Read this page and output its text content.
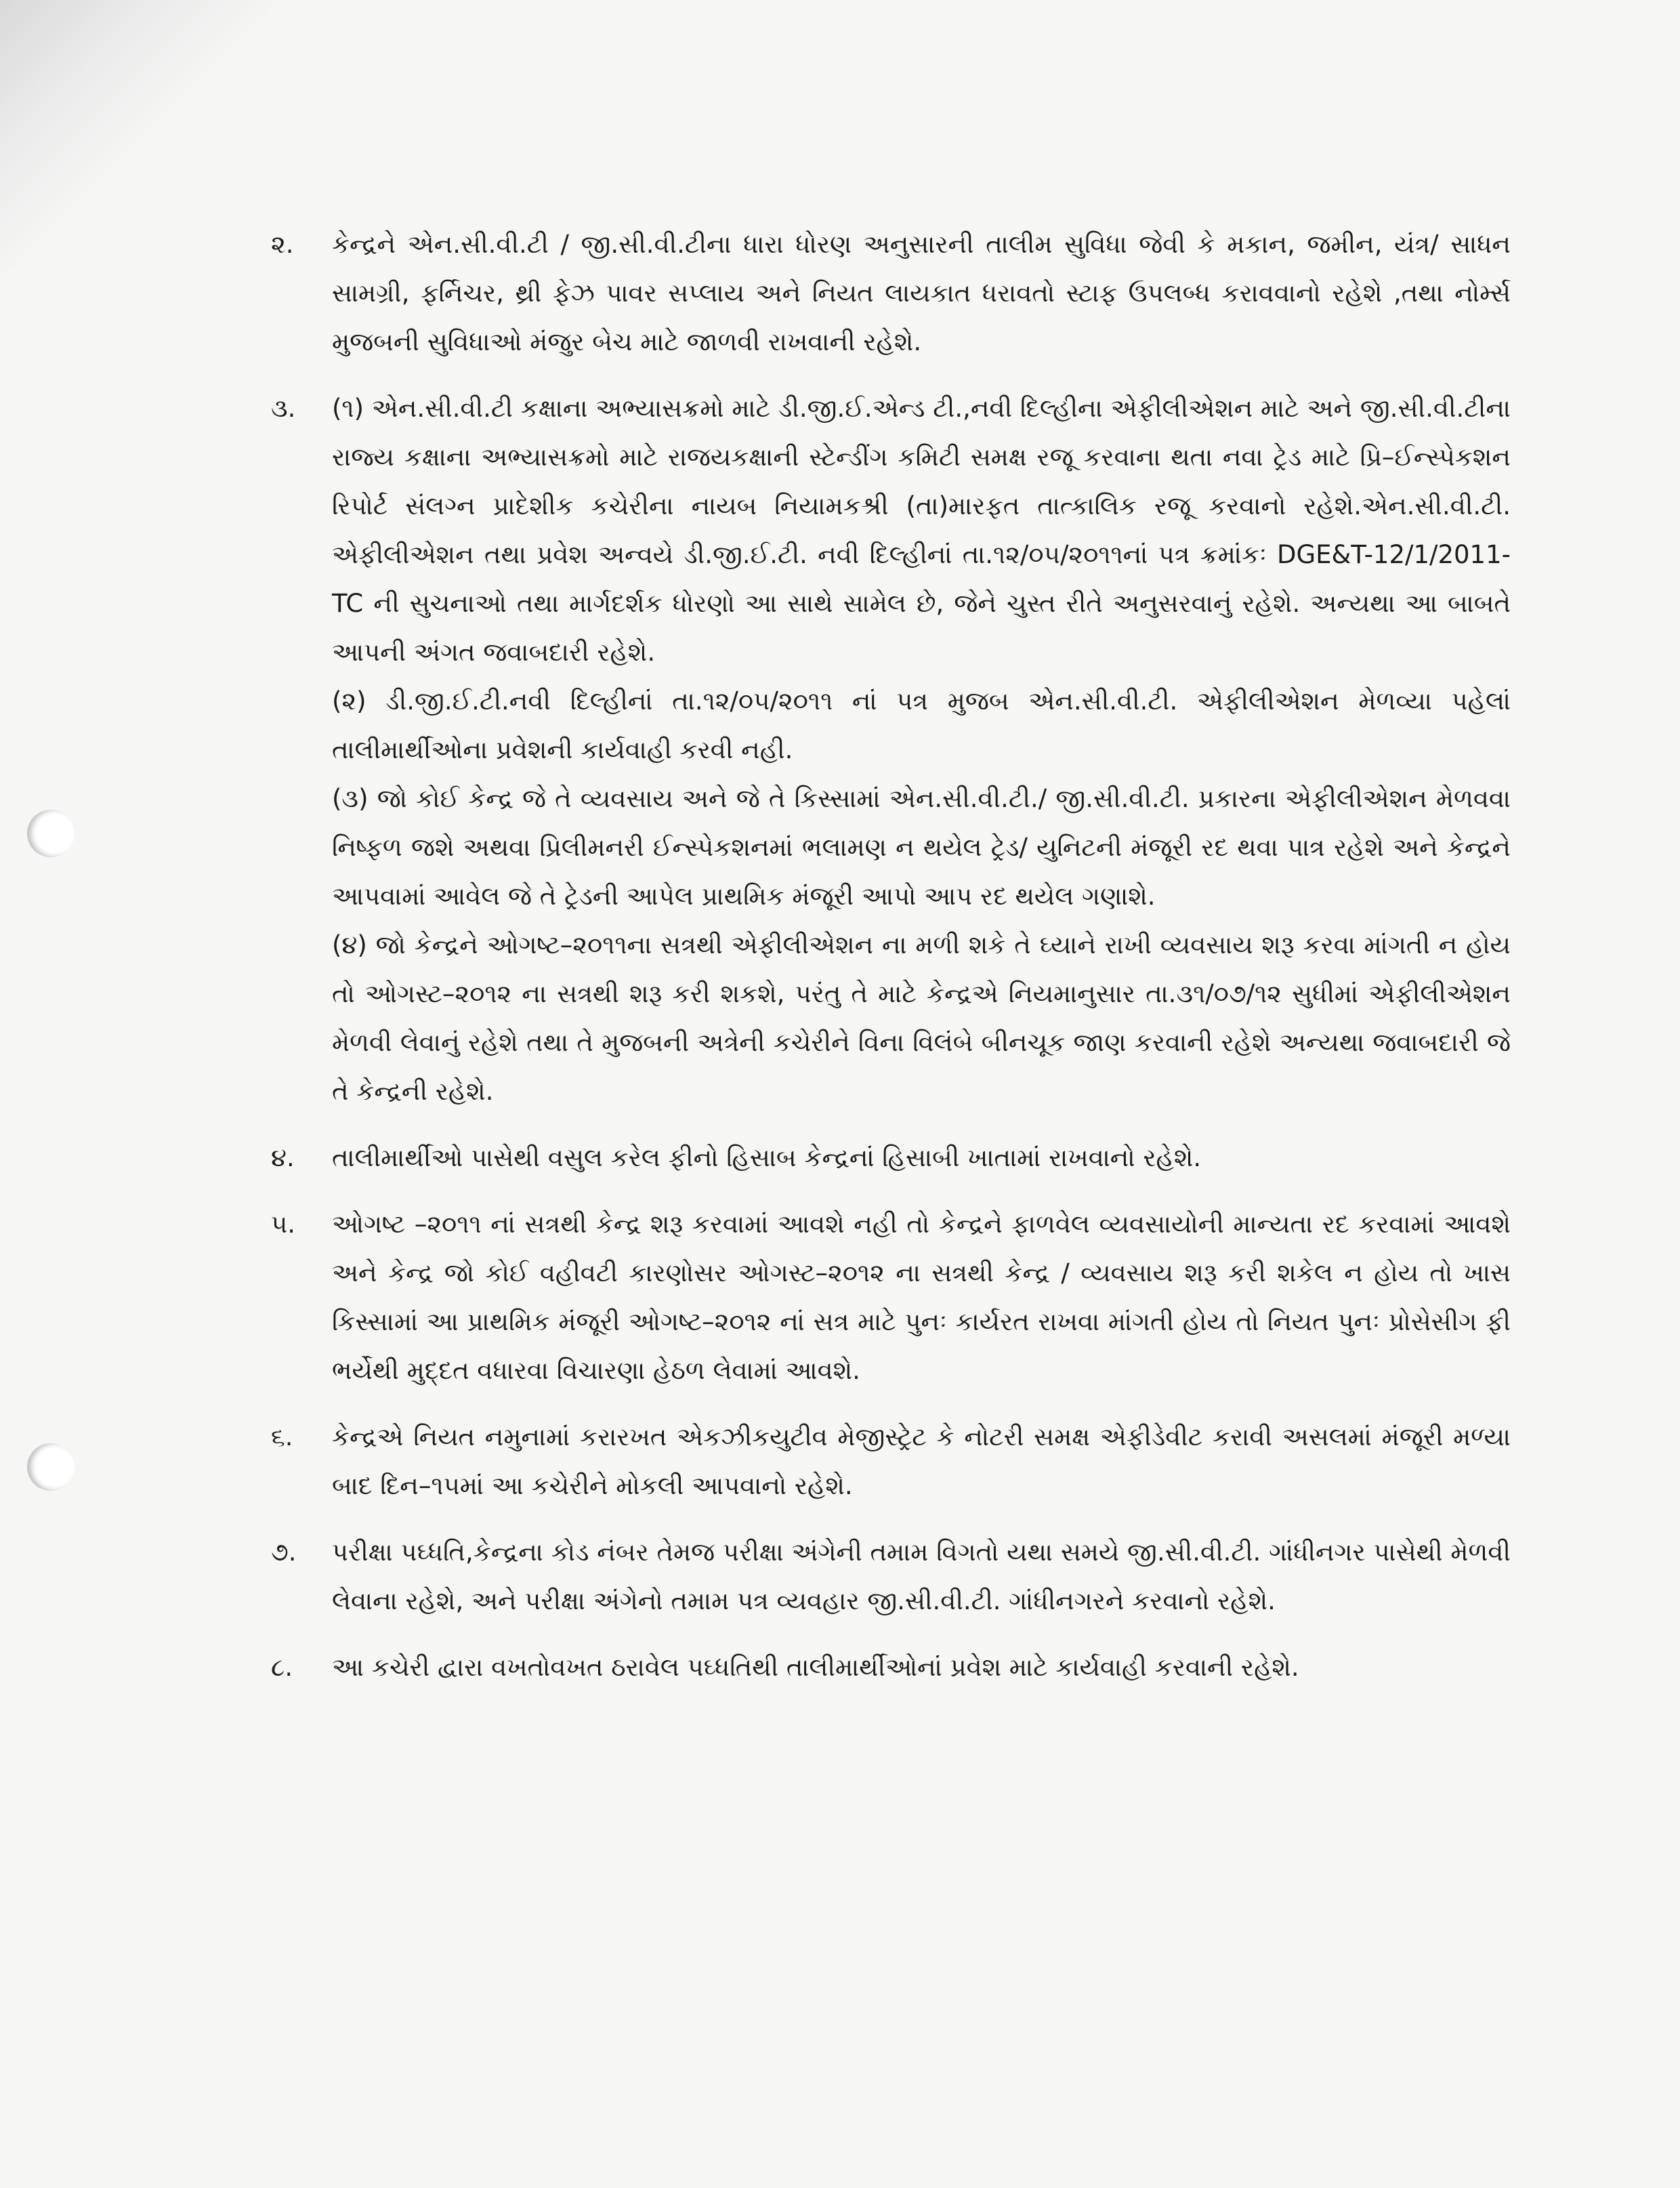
૨. કેન્દ્રને એન.સી.વી.ટી / જી.સી.વી.ટીના ધારા ધોરણ અનુસારની તાલીમ સુવિધા જેવી કે મકાન, જમીન, યંત્ર/ સાધન સામગ્રી, ફર્નિચર, થ્રી ફેઝ પાવર સપ્લાય અને નિયત લાયકાત ધરાવતો સ્ટાફ ઉપલબ્ધ કરાવવાનો રહેશે ,તથા નોર્મ્સ મુજબની સુવિધાઓ મંજુર બેચ માટે જાળવી રાખવાની રહેશે.

૩. (૧) એન.સી.વી.ટી કક્ષાના અભ્યાસક્રમો માટે ડી.જી.ઈ.એન્ડ ટી.,નવી દિલ્હીના એફીલીએશન માટે અને જી.સી.વી.ટીના રાજ્ય કક્ષાના અભ્યાસક્રમો માટે રાજયકક્ષાની સ્ટેન્ડીંગ કમિટી સમક્ષ રજૂ કરવાના થતા નવા ટ્રેડ માટે પ્રિ–ઈન્સ્પેકશન રિપોર્ટ સંલગ્ન પ્રાદેશીક કચેરીના નાયબ નિયામકશ્રી (તા)મારફત તાત્કાલિક રજૂ કરવાનો રહેશે.એન.સી.વી.ટી. એફીલીએશન તથા પ્રવેશ અન્વયે ડી.જી.ઈ.ટી. નવી દિલ્હીનાં તા.૧૨/૦૫/૨૦૧૧નાં પત્ર ક્રમાંકઃ DGE&T-12/1/2011-TC ની સુચનાઓ તથા માર્ગદર્શક ધોરણો આ સાથે સામેલ છે, જેને ચુસ્ત રીતે અનુસરવાનું રહેશે. અન્યથા આ બાબતે આપની અંગત જવાબદારી રહેશે.

(૨) ડી.જી.ઈ.ટી.નવી દિલ્હીનાં તા.૧૨/૦૫/૨૦૧૧ નાં પત્ર મુજબ એન.સી.વી.ટી. એફીલીએશન મેળવ્યા પહેલાં તાલીમાર્થીઓના પ્રવેશની કાર્યવાહી કરવી નહી.

(૩) જો કોઈ કેન્દ્ર જે તે વ્યવસાય અને જે તે કિસ્સામાં એન.સી.વી.ટી./ જી.સી.વી.ટી. પ્રકારના એફીલીએશન મેળવવા નિષ્ફળ જશે અથવા પ્રિલીમનરી ઈન્સ્પેકશનમાં ભલામણ ન થયેલ ટ્રેડ/ યુનિટની મંજૂરી રદ થવા પાત્ર રહેશે અને કેન્દ્રને આપવામાં આવેલ જે તે ટ્રેડની આપેલ પ્રાથમિક મંજૂરી આપો આપ રદ થયેલ ગણાશે.

(૪) જો કેન્દ્રને ઓગષ્ટ–૨૦૧૧ના સત્રથી એફીલીએશન ના મળી શકે તે ઘ્યાને રાખી વ્યવસાય શરૂ કરવા માંગતી ન હોય તો ઓગસ્ટ–૨૦૧૨ ના સત્રથી શરૂ કરી શકશે, પરંતુ તે માટે કેન્દ્રએ નિયમાનુસાર તા.૩૧/૦૭/૧૨ સુધીમાં એફીલીએશન મેળવી લેવાનું રહેશે તથા તે મુજબની અત્રેની કચેરીને વિના વિલંબે બીનચૂક જાણ કરવાની રહેશે અન્યથા જવાબદારી જે તે કેન્દ્રની રહેશે.

૪. તાલીમાર્થીઓ પાસેથી વસુલ કરેલ ફીનો હિસાબ કેન્દ્રનાં હિસાબી ખાતામાં રાખવાનો રહેશે.

૫. ઓગષ્ટ –૨૦૧૧ નાં સત્રથી કેન્દ્ર શરૂ કરવામાં આવશે નહી તો કેન્દ્રને ફાળવેલ વ્યવસાયોની માન્યતા રદ કરવામાં આવશે અને કેન્દ્ર જો કોઈ વહીવટી કારણોસર ઓગસ્ટ–૨૦૧૨ ના સત્રથી કેન્દ્ર / વ્યવસાય શરૂ કરી શકેલ ન હોય તો ખાસ કિસ્સામાં આ પ્રાથમિક મંજૂરી ઓગષ્ટ–૨૦૧૨ નાં સત્ર માટે પુનઃ કાર્યરત રાખવા માંગતી હોય તો નિયત પુનઃ પ્રોસેસીગ ફી ભર્યેથી મુદ્દત વધારવા વિચારણા હેઠળ લેવામાં આવશે.

૬. કેન્દ્રએ નિયત નમુનામાં કરારખત એકઝીકયુટીવ મેજીસ્ટ્રેટ કે નોટરી સમક્ષ એફીડેવીટ કરાવી અસલમાં મંજૂરી મળ્યા બાદ દિન–૧૫માં આ કચેરીને મોકલી આપવાનો રહેશે.

૭. પરીક્ષા પઘ્ધતિ,કેન્દ્રના કોડ નંબર તેમજ પરીક્ષા અંગેની તમામ વિગતો યથા સમયે જી.સી.વી.ટી. ગાંધીનગર પાસેથી મેળવી લેવાના રહેશે, અને પરીક્ષા અંગેનો તમામ પત્ર વ્યવહાર જી.સી.વી.ટી. ગાંધીનગરને કરવાનો રહેશે.

૮. આ કચેરી દ્વારા વખતોવખત ઠરાવેલ પઘ્ધતિથી તાલીમાર્થીઓનાં પ્રવેશ માટે કાર્યવાહી કરવાની રહેશે.
